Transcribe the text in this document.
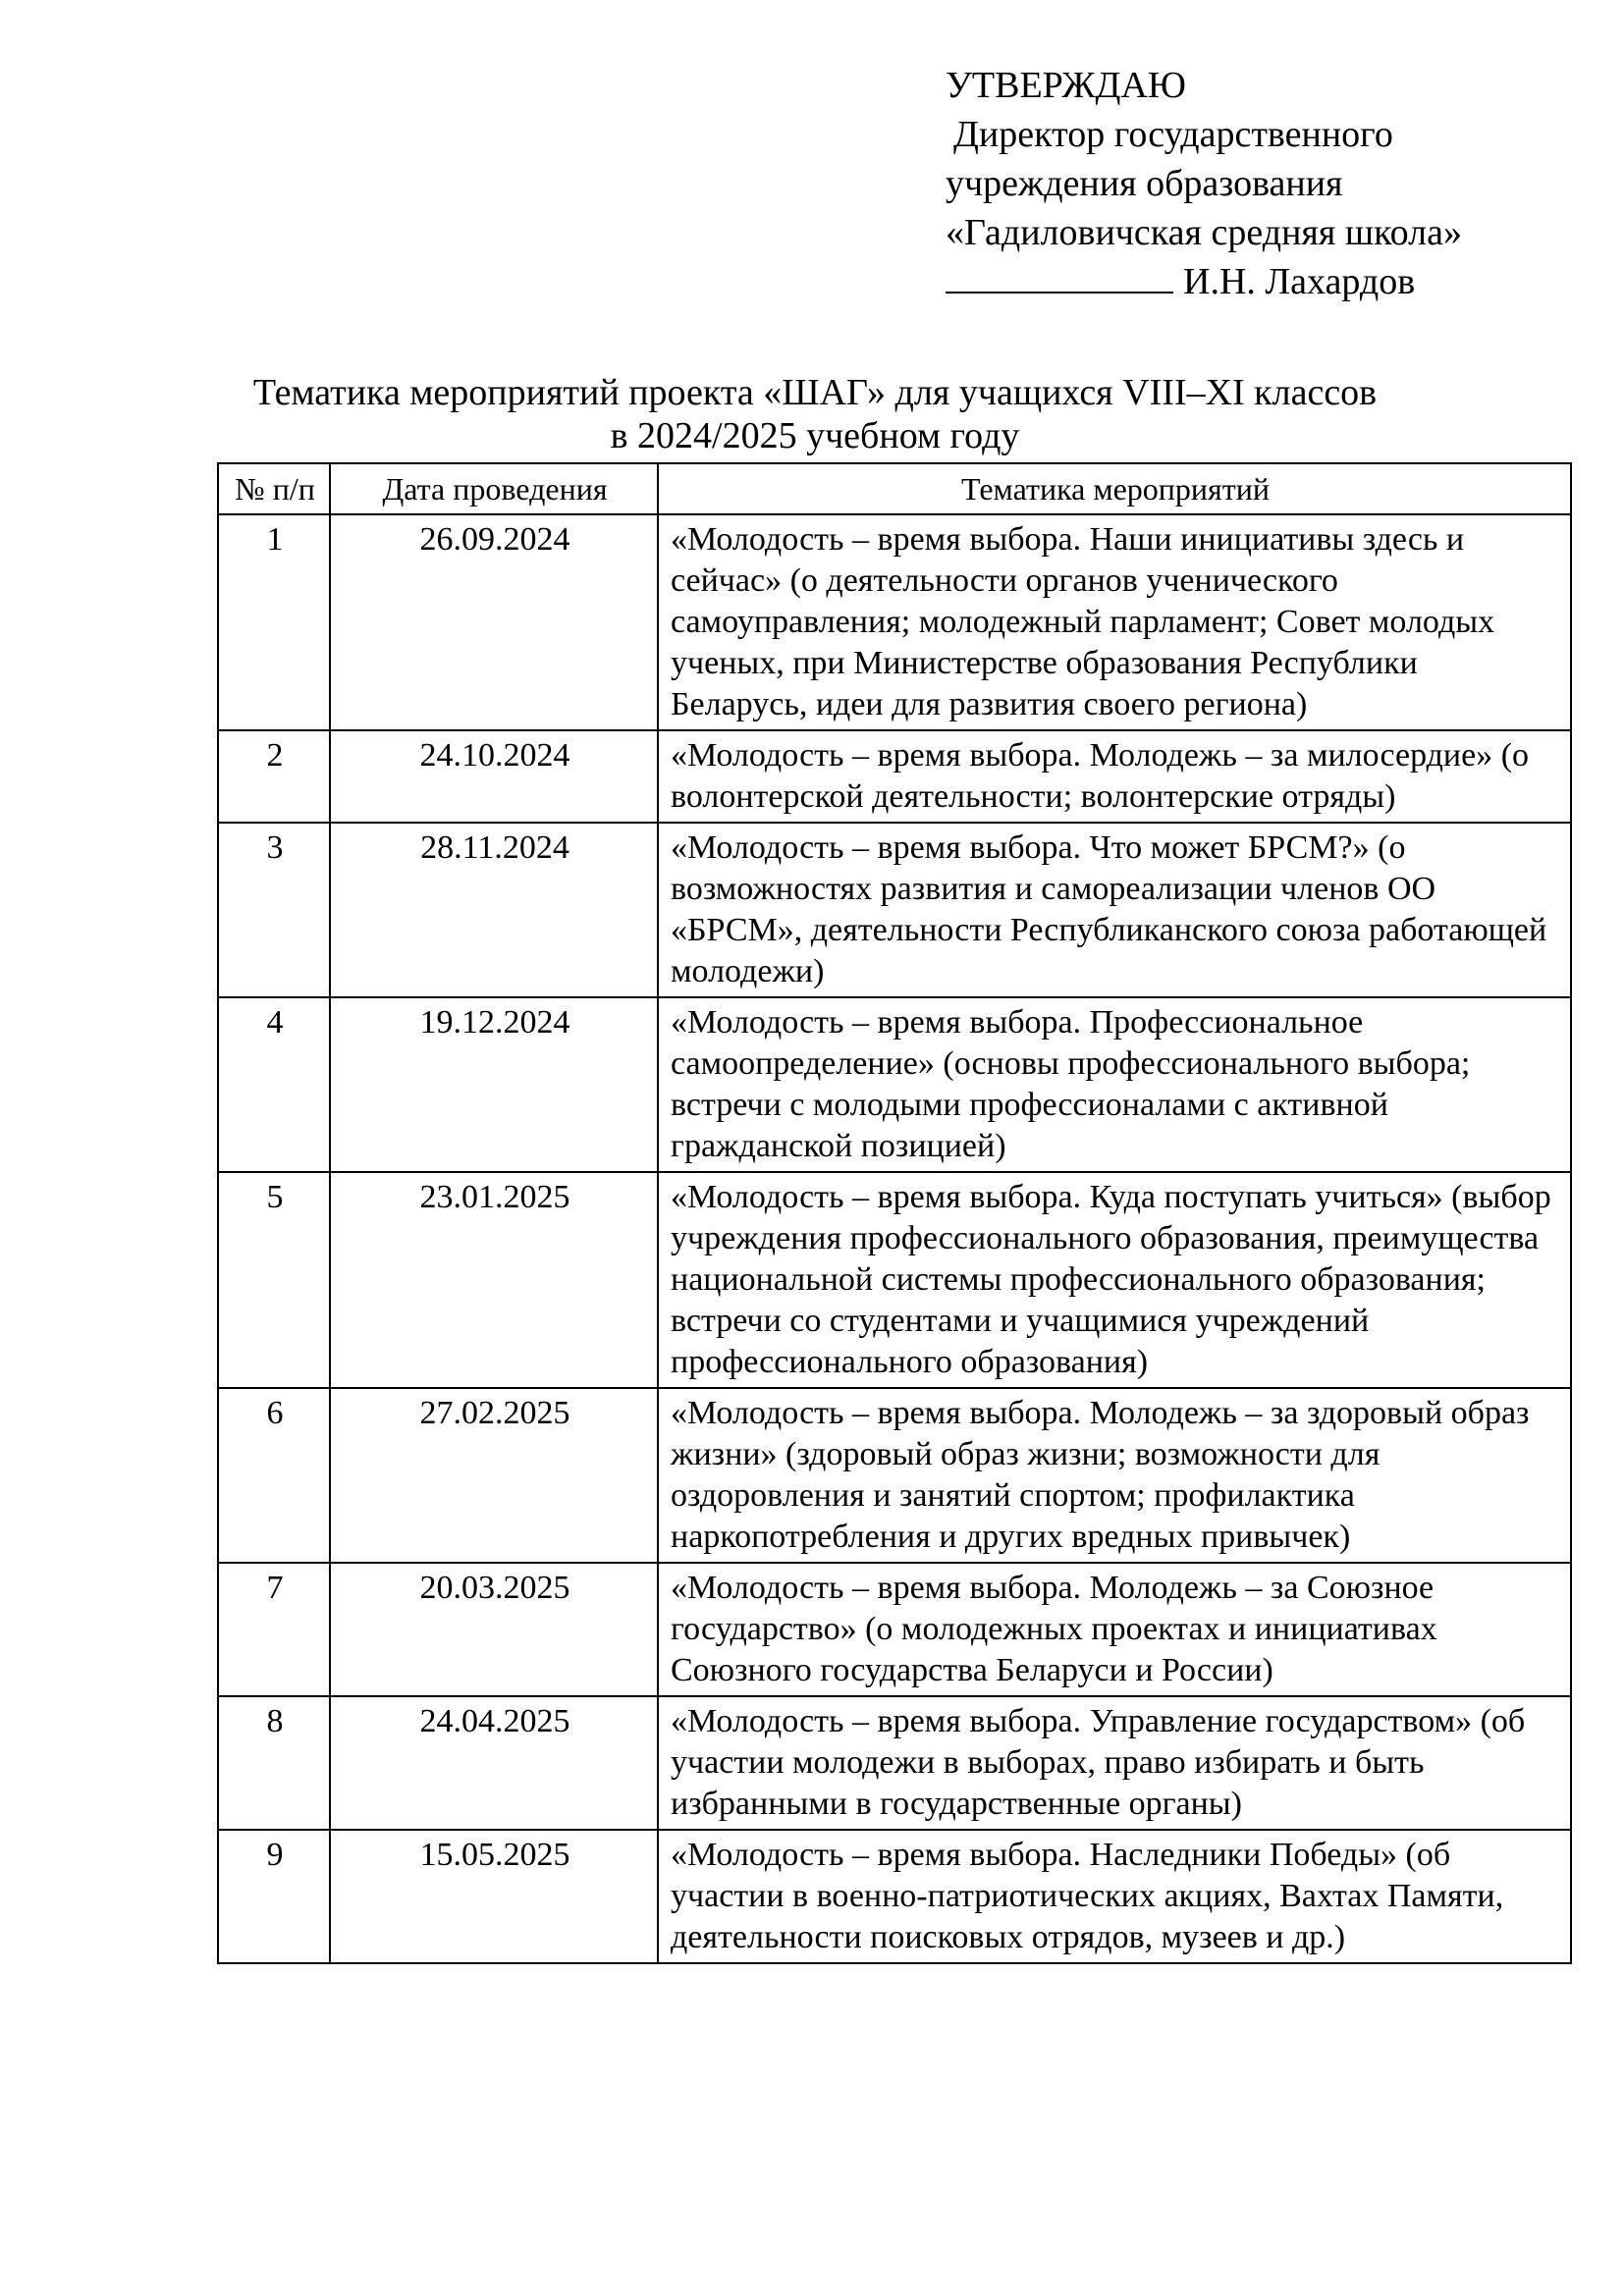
УТВЕРЖДАЮ
Директор государственного
учреждения образования
«Гадиловичская средняя школа»
И.Н. Лахардов
Тематика мероприятий проекта «ШАГ» для учащихся VIII–XI классов
в 2024/2025 учебном году
№ п/п	Дата проведения	Тематика мероприятий
1	26.09.2024	«Молодость – время выбора. Наши инициативы здесь и сейчас» (о деятельности органов ученического самоуправления; молодежный парламент; Совет молодых ученых, при Министерстве образования Республики Беларусь, идеи для развития своего региона)
2	24.10.2024	«Молодость – время выбора. Молодежь – за милосердие» (о волонтерской деятельности; волонтерские отряды)
3	28.11.2024	«Молодость – время выбора. Что может БРСМ?» (о возможностях развития и самореализации членов ОО «БРСМ», деятельности Республиканского союза работающей молодежи)
4	19.12.2024	«Молодость – время выбора. Профессиональное самоопределение» (основы профессионального выбора; встречи с молодыми профессионалами с активной гражданской позицией)
5	23.01.2025	«Молодость – время выбора. Куда поступать учиться» (выбор учреждения профессионального образования, преимущества национальной системы профессионального образования; встречи со студентами и учащимися учреждений профессионального образования)
6	27.02.2025	«Молодость – время выбора. Молодежь – за здоровый образ жизни» (здоровый образ жизни; возможности для оздоровления и занятий спортом; профилактика наркопотребления и других вредных привычек)
7	20.03.2025	«Молодость – время выбора. Молодежь – за Союзное государство» (о молодежных проектах и инициативах Союзного государства Беларуси и России)
8	24.04.2025	«Молодость – время выбора. Управление государством» (об участии молодежи в выборах, право избирать и быть избранными в государственные органы)
9	15.05.2025	«Молодость – время выбора. Наследники Победы» (об участии в военно-патриотических акциях, Вахтах Памяти, деятельности поисковых отрядов, музеев и др.)
